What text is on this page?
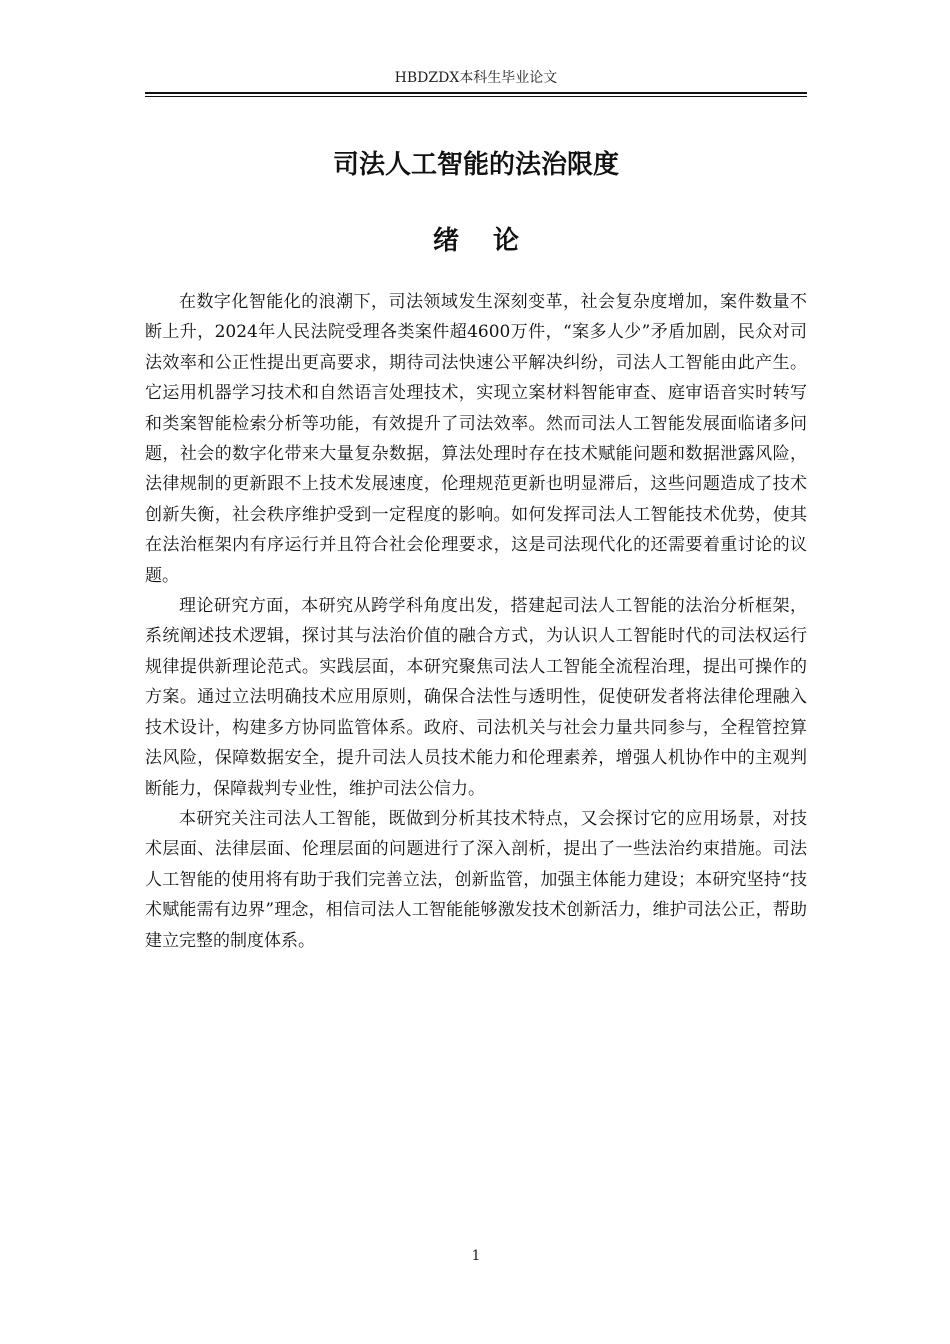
HBDZDX本科生毕业论文
司法人工智能的法治限度
绪论

在数字化智能化的浪潮下，司法领域发生深刻变革，社会复杂度增加，案件数量不断上升，2024年人民法院受理各类案件超4600万件，“案多人少”矛盾加剧，民众对司法效率和公正性提出更高要求，期待司法快速公平解决纠纷，司法人工智能由此产生。它运用机器学习技术和自然语言处理技术，实现立案材料智能审查、庭审语音实时转写和类案智能检索分析等功能，有效提升了司法效率。然而司法人工智能发展面临诸多问题，社会的数字化带来大量复杂数据，算法处理时存在技术赋能问题和数据泄露风险，法律规制的更新跟不上技术发展速度，伦理规范更新也明显滞后，这些问题造成了技术创新失衡，社会秩序维护受到一定程度的影响。如何发挥司法人工智能技术优势，使其在法治框架内有序运行并且符合社会伦理要求，这是司法现代化的还需要着重讨论的议题。

理论研究方面，本研究从跨学科角度出发，搭建起司法人工智能的法治分析框架，系统阐述技术逻辑，探讨其与法治价值的融合方式，为认识人工智能时代的司法权运行规律提供新理论范式。实践层面，本研究聚焦司法人工智能全流程治理，提出可操作的方案。通过立法明确技术应用原则，确保合法性与透明性，促使研发者将法律伦理融入技术设计，构建多方协同监管体系。政府、司法机关与社会力量共同参与，全程管控算法风险，保障数据安全，提升司法人员技术能力和伦理素养，增强人机协作中的主观判断能力，保障裁判专业性，维护司法公信力。

本研究关注司法人工智能，既做到分析其技术特点，又会探讨它的应用场景，对技术层面、法律层面、伦理层面的问题进行了深入剖析，提出了一些法治约束措施。司法人工智能的使用将有助于我们完善立法，创新监管，加强主体能力建设；本研究坚持“技术赋能需有边界”理念，相信司法人工智能能够激发技术创新活力，维护司法公正，帮助建立完整的制度体系。

1
